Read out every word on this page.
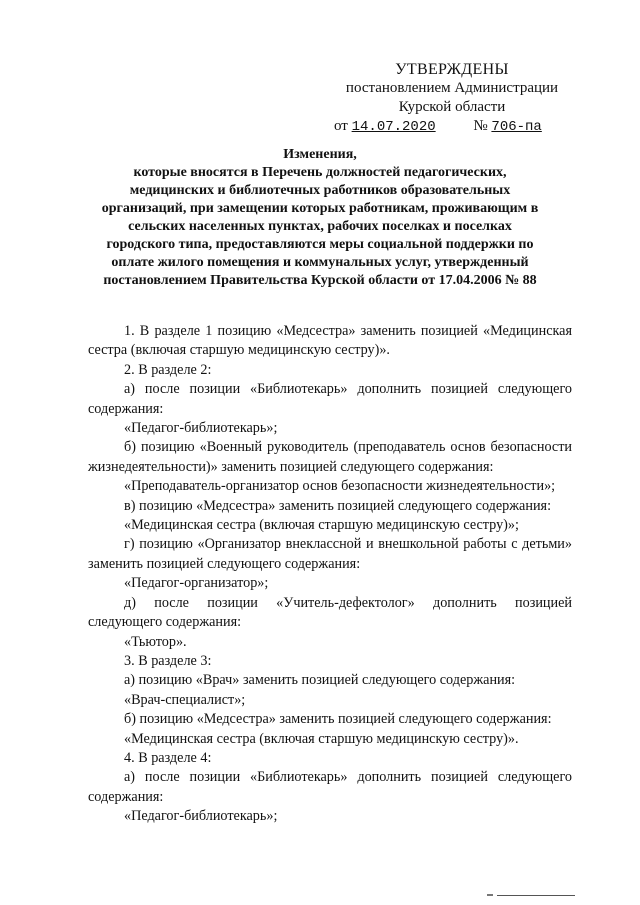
УТВЕРЖДЕНЫ
постановлением Администрации
Курской области
от 14.07.2020	№ 706-па
Изменения,
которые вносятся в Перечень должностей педагогических,
медицинских и библиотечных работников образовательных
организаций, при замещении которых работникам, проживающим в
сельских населенных пунктах, рабочих поселках и поселках
городского типа, предоставляются меры социальной поддержки по
оплате жилого помещения и коммунальных услуг, утвержденный
постановлением Правительства Курской области от 17.04.2006 № 88

1. В разделе 1 позицию «Медсестра» заменить позицией «Медицинская сестра (включая старшую медицинскую сестру)».

2. В разделе 2:

а) после позиции «Библиотекарь» дополнить позицией следующего содержания:

«Педагог-библиотекарь»;

б) позицию «Военный руководитель (преподаватель основ безопасности жизнедеятельности)» заменить позицией следующего содержания:

«Преподаватель-организатор основ безопасности жизнедеятельности»;

в) позицию «Медсестра» заменить позицией следующего содержания:

«Медицинская сестра (включая старшую медицинскую сестру)»;

г) позицию «Организатор внеклассной и внешкольной работы с детьми» заменить позицией следующего содержания:

«Педагог-организатор»;

д) после позиции «Учитель-дефектолог» дополнить позицией следующего содержания:

«Тьютор».

3. В разделе 3:

а) позицию «Врач» заменить позицией следующего содержания:

«Врач-специалист»;

б) позицию «Медсестра» заменить позицией следующего содержания:

«Медицинская сестра (включая старшую медицинскую сестру)».

4. В разделе 4:

а) после позиции «Библиотекарь» дополнить позицией следующего содержания:

«Педагог-библиотекарь»;
